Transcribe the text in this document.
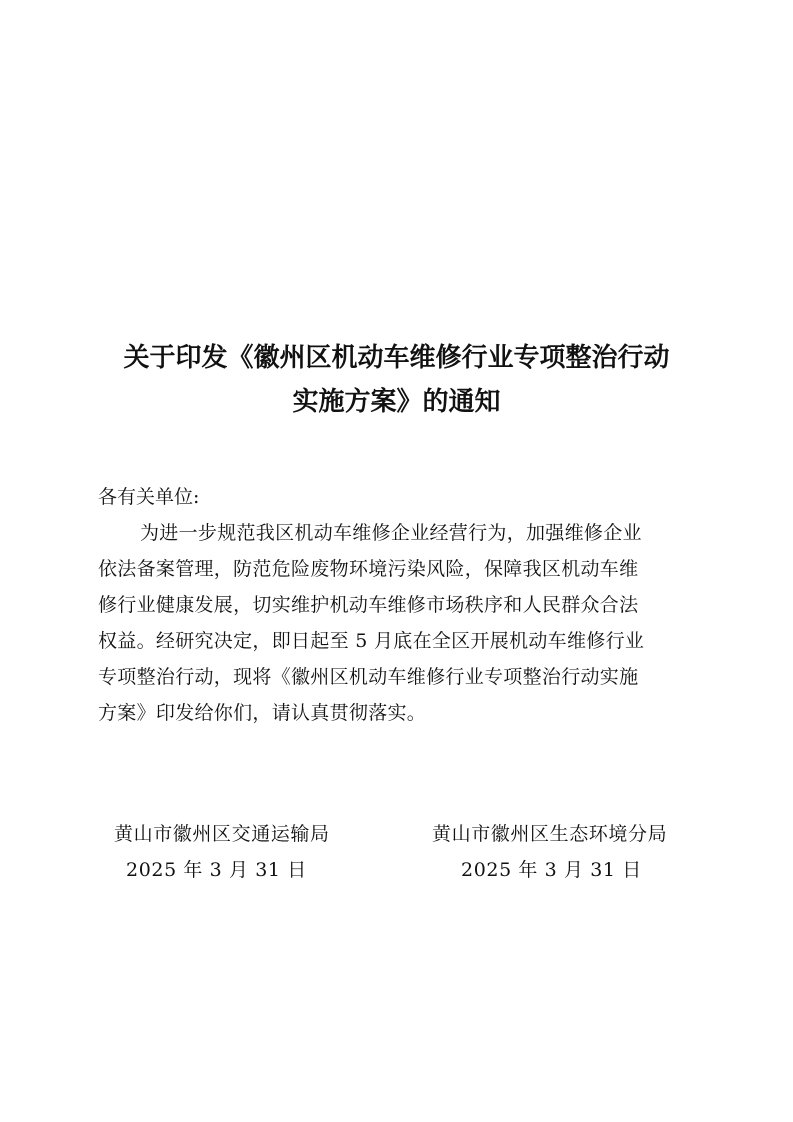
关于印发《徽州区机动车维修行业专项整治行动
实施方案》的通知
各有关单位:
为进一步规范我区机动车维修企业经营行为，加强维修企业
依法备案管理，防范危险废物环境污染风险，保障我区机动车维
修行业健康发展，切实维护机动车维修市场秩序和人民群众合法
权益。经研究决定，即日起至 5 月底在全区开展机动车维修行业
专项整治行动，现将《徽州区机动车维修行业专项整治行动实施
方案》印发给你们，请认真贯彻落实。
黄山市徽州区交通运输局
2025 年 3 月 31 日
黄山市徽州区生态环境分局
2025 年 3 月 31 日
